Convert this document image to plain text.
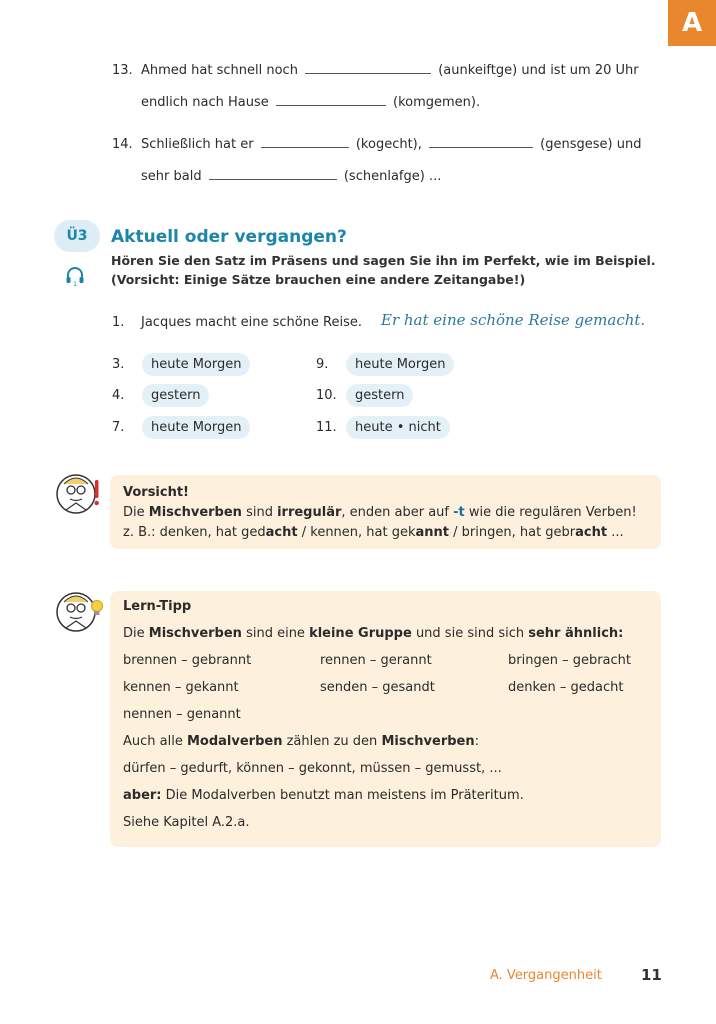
A
13. Ahmed hat schnell noch	(aunkeiftge) und ist um 20 Uhr
endlich nach Hause	(komgemen).
14. Schließlich hat er	(kogecht),	(gensgese) und
sehr bald	(schenlafge) ...
Ü3
1
Aktuell oder vergangen?
Hören Sie den Satz im Präsens und sagen Sie ihn im Perfekt, wie im Beispiel.
(Vorsicht: Einige Sätze brauchen eine andere Zeitangabe!)
1. Jacques macht eine schöne Reise. Er hat eine schöne Reise gemacht.
3.	heute Morgen	9.	heute Morgen
4.	gestern	10.	gestern
7.	heute Morgen	11.	heute • nicht
Vorsicht!
Die Mischverben sind irregulär, enden aber auf -t wie die regulären Verben!
z. B.: denken, hat gedacht / kennen, hat gekannt / bringen, hat gebracht ...
Lern-Tipp
Die Mischverben sind eine kleine Gruppe und sie sind sich sehr ähnlich:
brennen – gebrannt	rennen – gerannt	bringen – gebracht
kennen – gekannt	senden – gesandt	denken – gedacht
nennen – genannt
Auch alle Modalverben zählen zu den Mischverben:
dürfen – gedurft, können – gekonnt, müssen – gemusst, ...
aber: Die Modalverben benutzt man meistens im Präteritum.
Siehe Kapitel A.2.a.
A. Vergangenheit	11
